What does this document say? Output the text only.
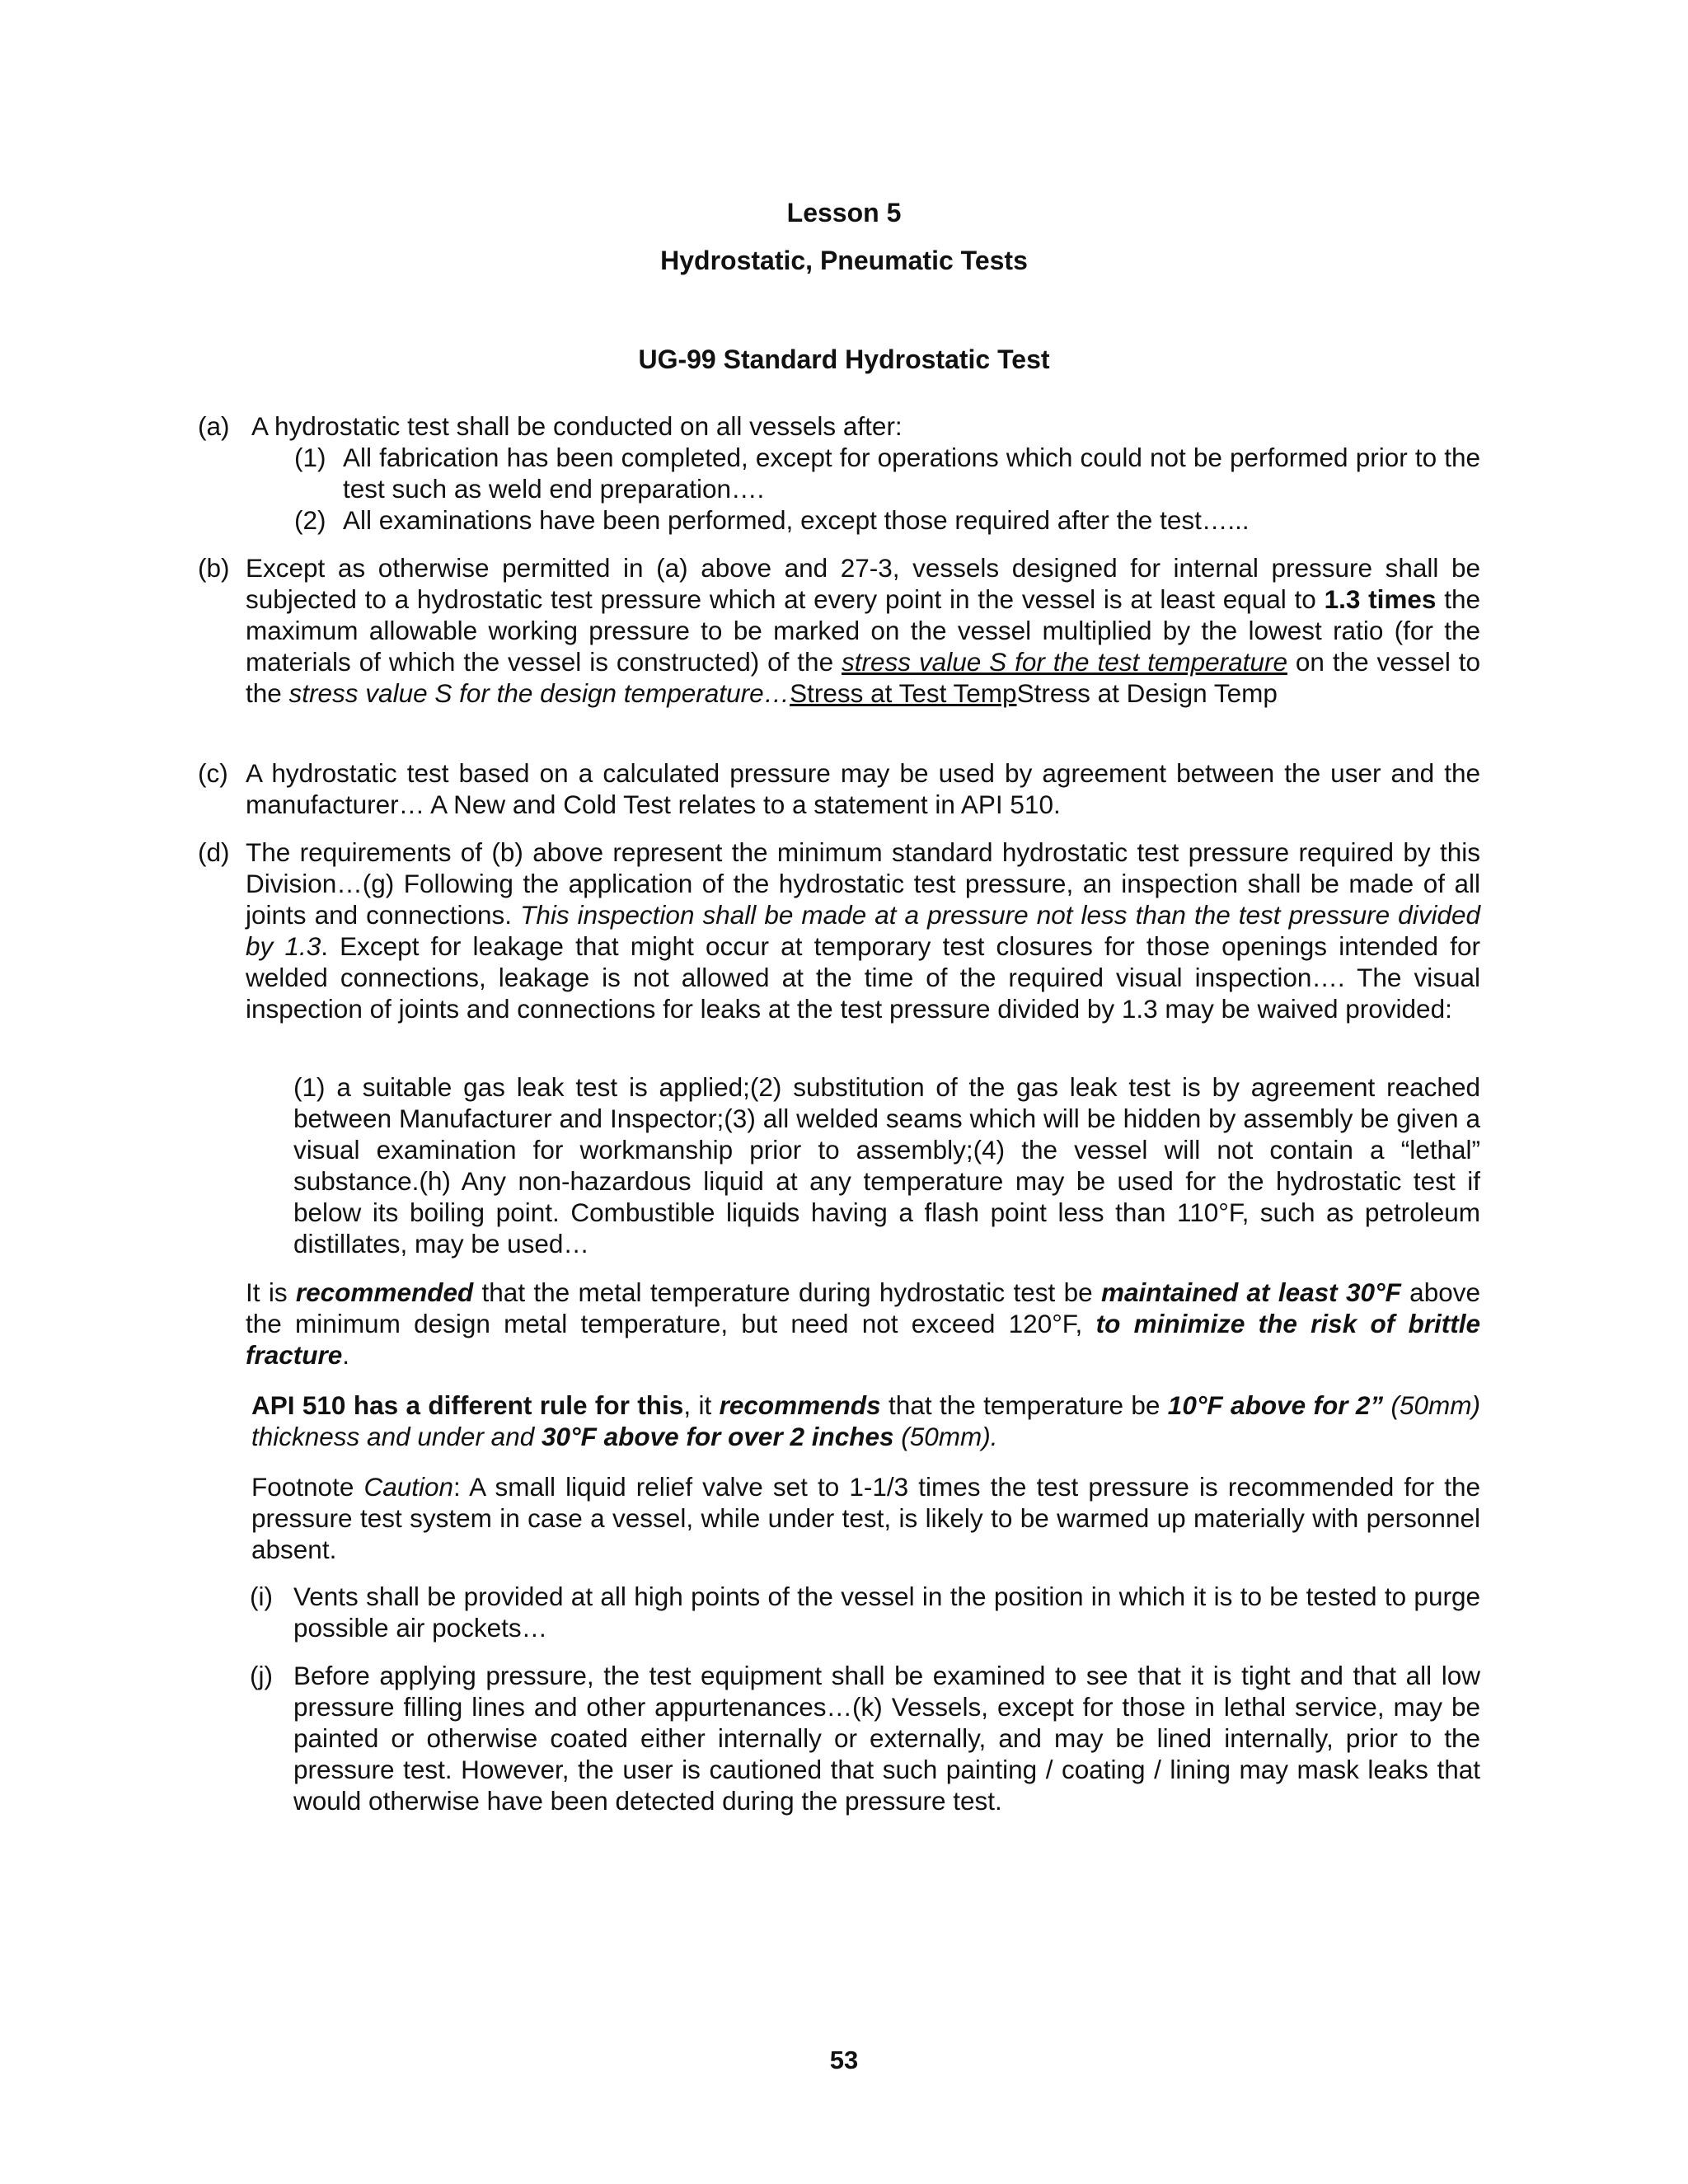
Lesson 5
Hydrostatic, Pneumatic Tests
UG-99 Standard Hydrostatic Test
(a) A hydrostatic test shall be conducted on all vessels after:
(1) All fabrication has been completed, except for operations which could not be performed prior to the test such as weld end preparation….
(2) All examinations have been performed, except those required after the test…...
(b) Except as otherwise permitted in (a) above and 27-3, vessels designed for internal pressure shall be subjected to a hydrostatic test pressure which at every point in the vessel is at least equal to 1.3 times the maximum allowable working pressure to be marked on the vessel multiplied by the lowest ratio (for the materials of which the vessel is constructed) of the stress value S for the test temperature on the vessel to the stress value S for the design temperature…Stress at Test TempStress at Design Temp
(c) A hydrostatic test based on a calculated pressure may be used by agreement between the user and the manufacturer… A New and Cold Test relates to a statement in API 510.
(d) The requirements of (b) above represent the minimum standard hydrostatic test pressure required by this Division…(g) Following the application of the hydrostatic test pressure, an inspection shall be made of all joints and connections. This inspection shall be made at a pressure not less than the test pressure divided by 1.3. Except for leakage that might occur at temporary test closures for those openings intended for welded connections, leakage is not allowed at the time of the required visual inspection…. The visual inspection of joints and connections for leaks at the test pressure divided by 1.3 may be waived provided:
(1) a suitable gas leak test is applied;(2) substitution of the gas leak test is by agreement reached between Manufacturer and Inspector;(3) all welded seams which will be hidden by assembly be given a visual examination for workmanship prior to assembly;(4) the vessel will not contain a “lethal” substance.(h) Any non-hazardous liquid at any temperature may be used for the hydrostatic test if below its boiling point. Combustible liquids having a flash point less than 110°F, such as petroleum distillates, may be used…
It is recommended that the metal temperature during hydrostatic test be maintained at least 30°F above the minimum design metal temperature, but need not exceed 120°F, to minimize the risk of brittle fracture.
API 510 has a different rule for this, it recommends that the temperature be 10°F above for 2” (50mm) thickness and under and 30°F above for over 2 inches (50mm).
Footnote Caution: A small liquid relief valve set to 1-1/3 times the test pressure is recommended for the pressure test system in case a vessel, while under test, is likely to be warmed up materially with personnel absent.
(i) Vents shall be provided at all high points of the vessel in the position in which it is to be tested to purge possible air pockets…
(j) Before applying pressure, the test equipment shall be examined to see that it is tight and that all low pressure filling lines and other appurtenances…(k) Vessels, except for those in lethal service, may be painted or otherwise coated either internally or externally, and may be lined internally, prior to the pressure test. However, the user is cautioned that such painting / coating / lining may mask leaks that would otherwise have been detected during the pressure test.
53
